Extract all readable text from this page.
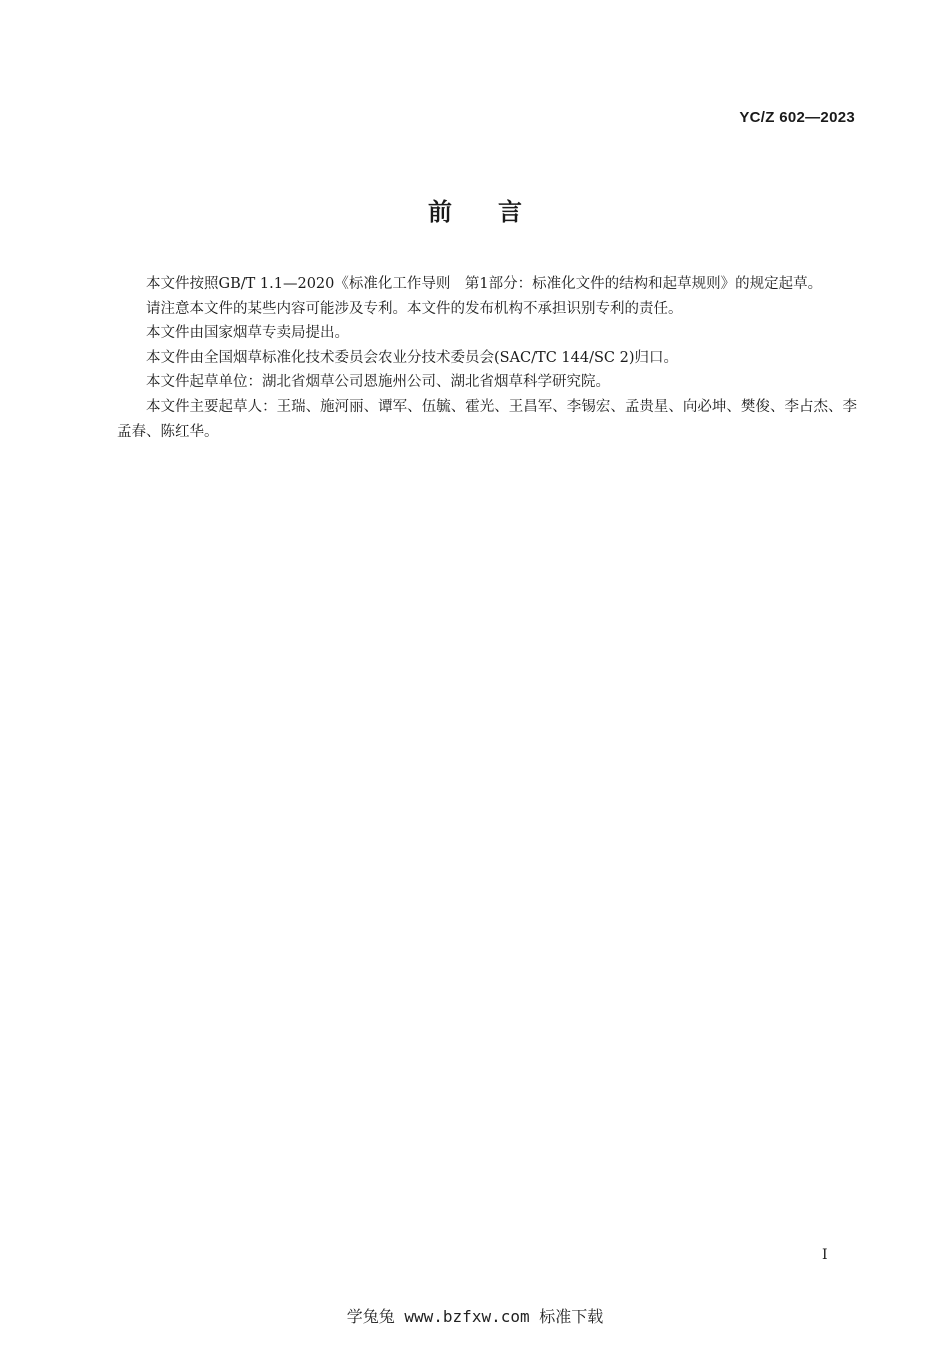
YC/Z 602—2023
前言

本文件按照GB/T 1.1—2020《标准化工作导则　第1部分：标准化文件的结构和起草规则》的规定起草。

请注意本文件的某些内容可能涉及专利。本文件的发布机构不承担识别专利的责任。

本文件由国家烟草专卖局提出。

本文件由全国烟草标准化技术委员会农业分技术委员会(SAC/TC 144/SC 2)归口。

本文件起草单位：湖北省烟草公司恩施州公司、湖北省烟草科学研究院。

本文件主要起草人：王瑞、施河丽、谭军、伍毓、霍光、王昌军、李锡宏、孟贵星、向必坤、樊俊、李占杰、李孟春、陈红华。

I
学兔兔 www.bzfxw.com 标准下载
